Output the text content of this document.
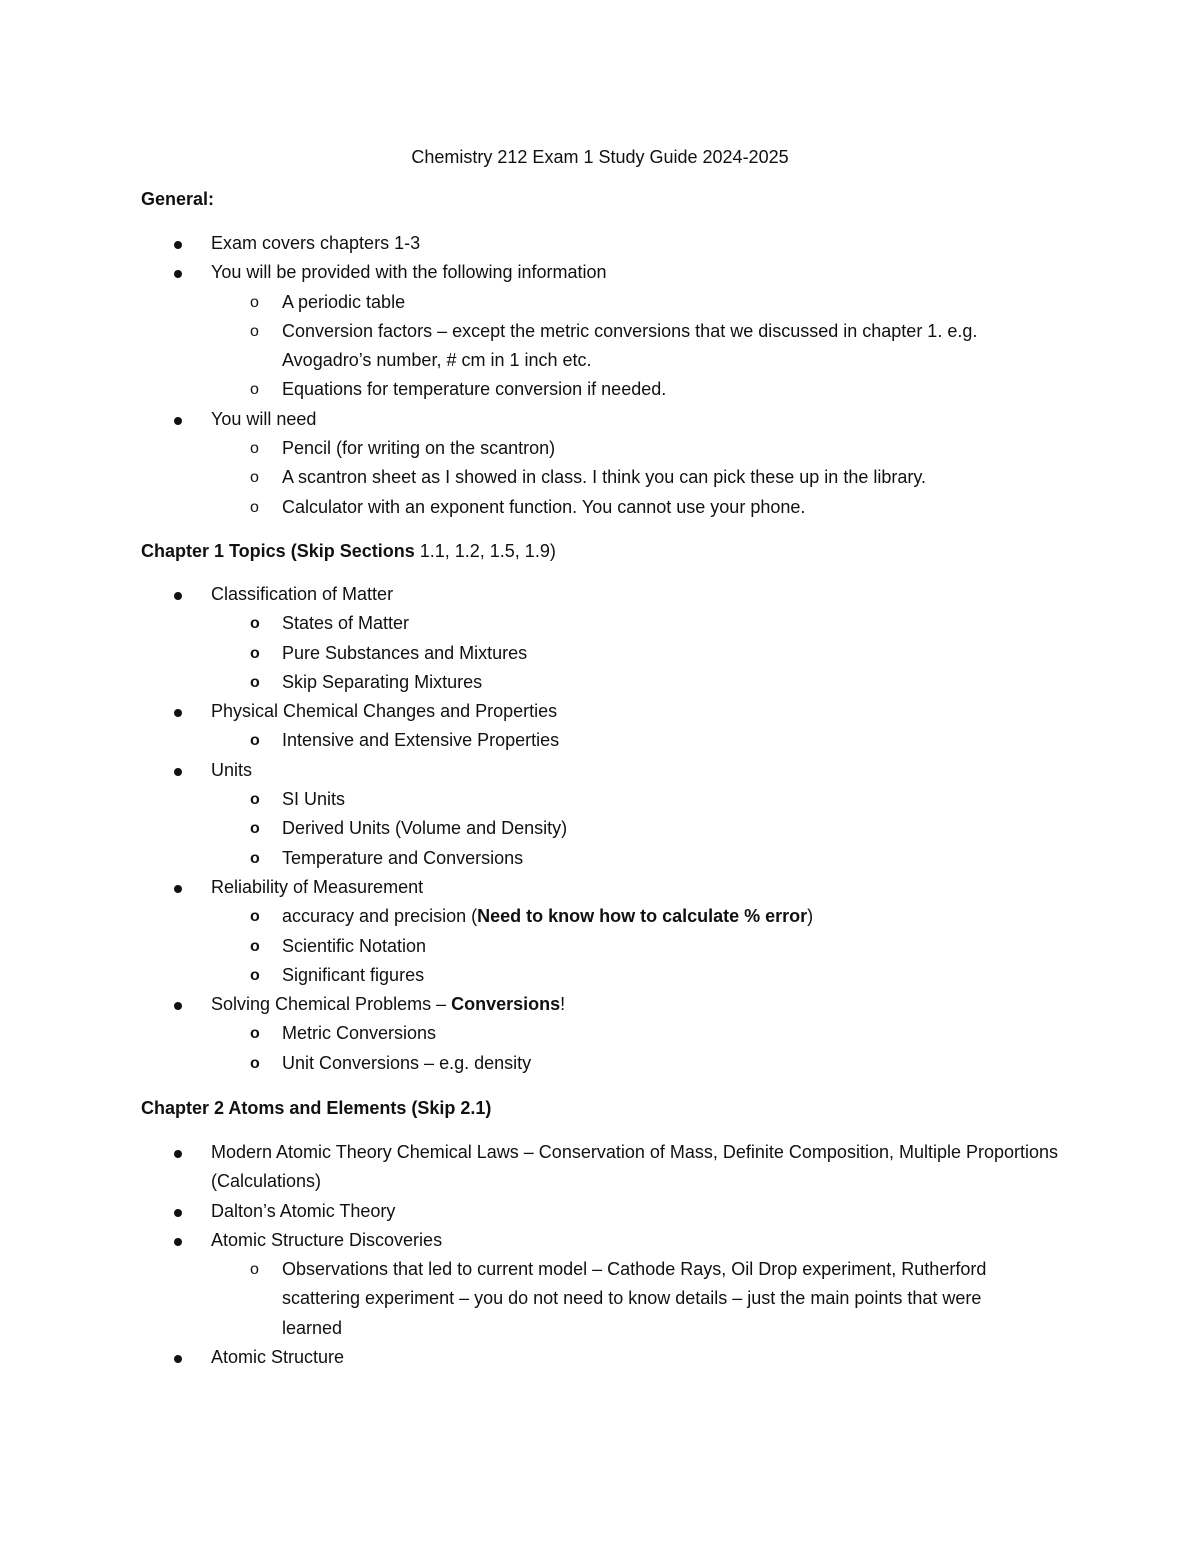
Chemistry 212 Exam 1 Study Guide 2024-2025
General:
Exam covers chapters 1-3
You will be provided with the following information
o A periodic table
o Conversion factors – except the metric conversions that we discussed in chapter 1. e.g. Avogadro’s number, # cm in 1 inch etc.
o Equations for temperature conversion if needed.
You will need
o Pencil (for writing on the scantron)
o A scantron sheet as I showed in class. I think you can pick these up in the library.
o Calculator with an exponent function. You cannot use your phone.
Chapter 1 Topics (Skip Sections 1.1, 1.2, 1.5, 1.9)
Classification of Matter
o States of Matter
o Pure Substances and Mixtures
o Skip Separating Mixtures
Physical Chemical Changes and Properties
o Intensive and Extensive Properties
Units
o SI Units
o Derived Units (Volume and Density)
o Temperature and Conversions
Reliability of Measurement
o accuracy and precision (Need to know how to calculate % error)
o Scientific Notation
o Significant figures
Solving Chemical Problems – Conversions!
o Metric Conversions
o Unit Conversions – e.g. density
Chapter 2 Atoms and Elements (Skip 2.1)
Modern Atomic Theory Chemical Laws – Conservation of Mass, Definite Composition, Multiple Proportions (Calculations)
Dalton’s Atomic Theory
Atomic Structure Discoveries
o Observations that led to current model – Cathode Rays, Oil Drop experiment, Rutherford scattering experiment – you do not need to know details – just the main points that were learned
Atomic Structure
